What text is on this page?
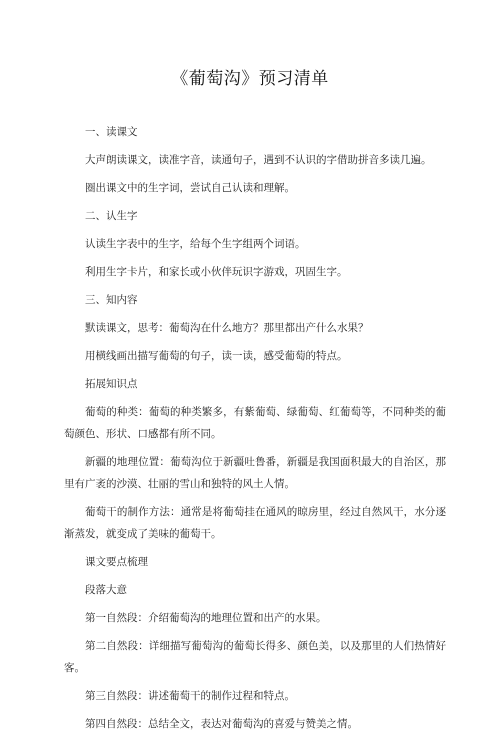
《葡萄沟》预习清单

一、读课文

大声朗读课文，读准字音，读通句子，遇到不认识的字借助拼音多读几遍。

圈出课文中的生字词，尝试自己认读和理解。

二、认生字

认读生字表中的生字，给每个生字组两个词语。

利用生字卡片，和家长或小伙伴玩识字游戏，巩固生字。

三、知内容

默读课文，思考：葡萄沟在什么地方？那里都出产什么水果？

用横线画出描写葡萄的句子，读一读，感受葡萄的特点。

拓展知识点

葡萄的种类：葡萄的种类繁多，有紫葡萄、绿葡萄、红葡萄等，不同种类的葡萄颜色、形状、口感都有所不同。

新疆的地理位置：葡萄沟位于新疆吐鲁番，新疆是我国面积最大的自治区，那里有广袤的沙漠、壮丽的雪山和独特的风土人情。

葡萄干的制作方法：通常是将葡萄挂在通风的晾房里，经过自然风干，水分逐渐蒸发，就变成了美味的葡萄干。

课文要点梳理

段落大意

第一自然段：介绍葡萄沟的地理位置和出产的水果。

第二自然段：详细描写葡萄沟的葡萄长得多、颜色美，以及那里的人们热情好客。

第三自然段：讲述葡萄干的制作过程和特点。

第四自然段：总结全文，表达对葡萄沟的喜爱与赞美之情。
